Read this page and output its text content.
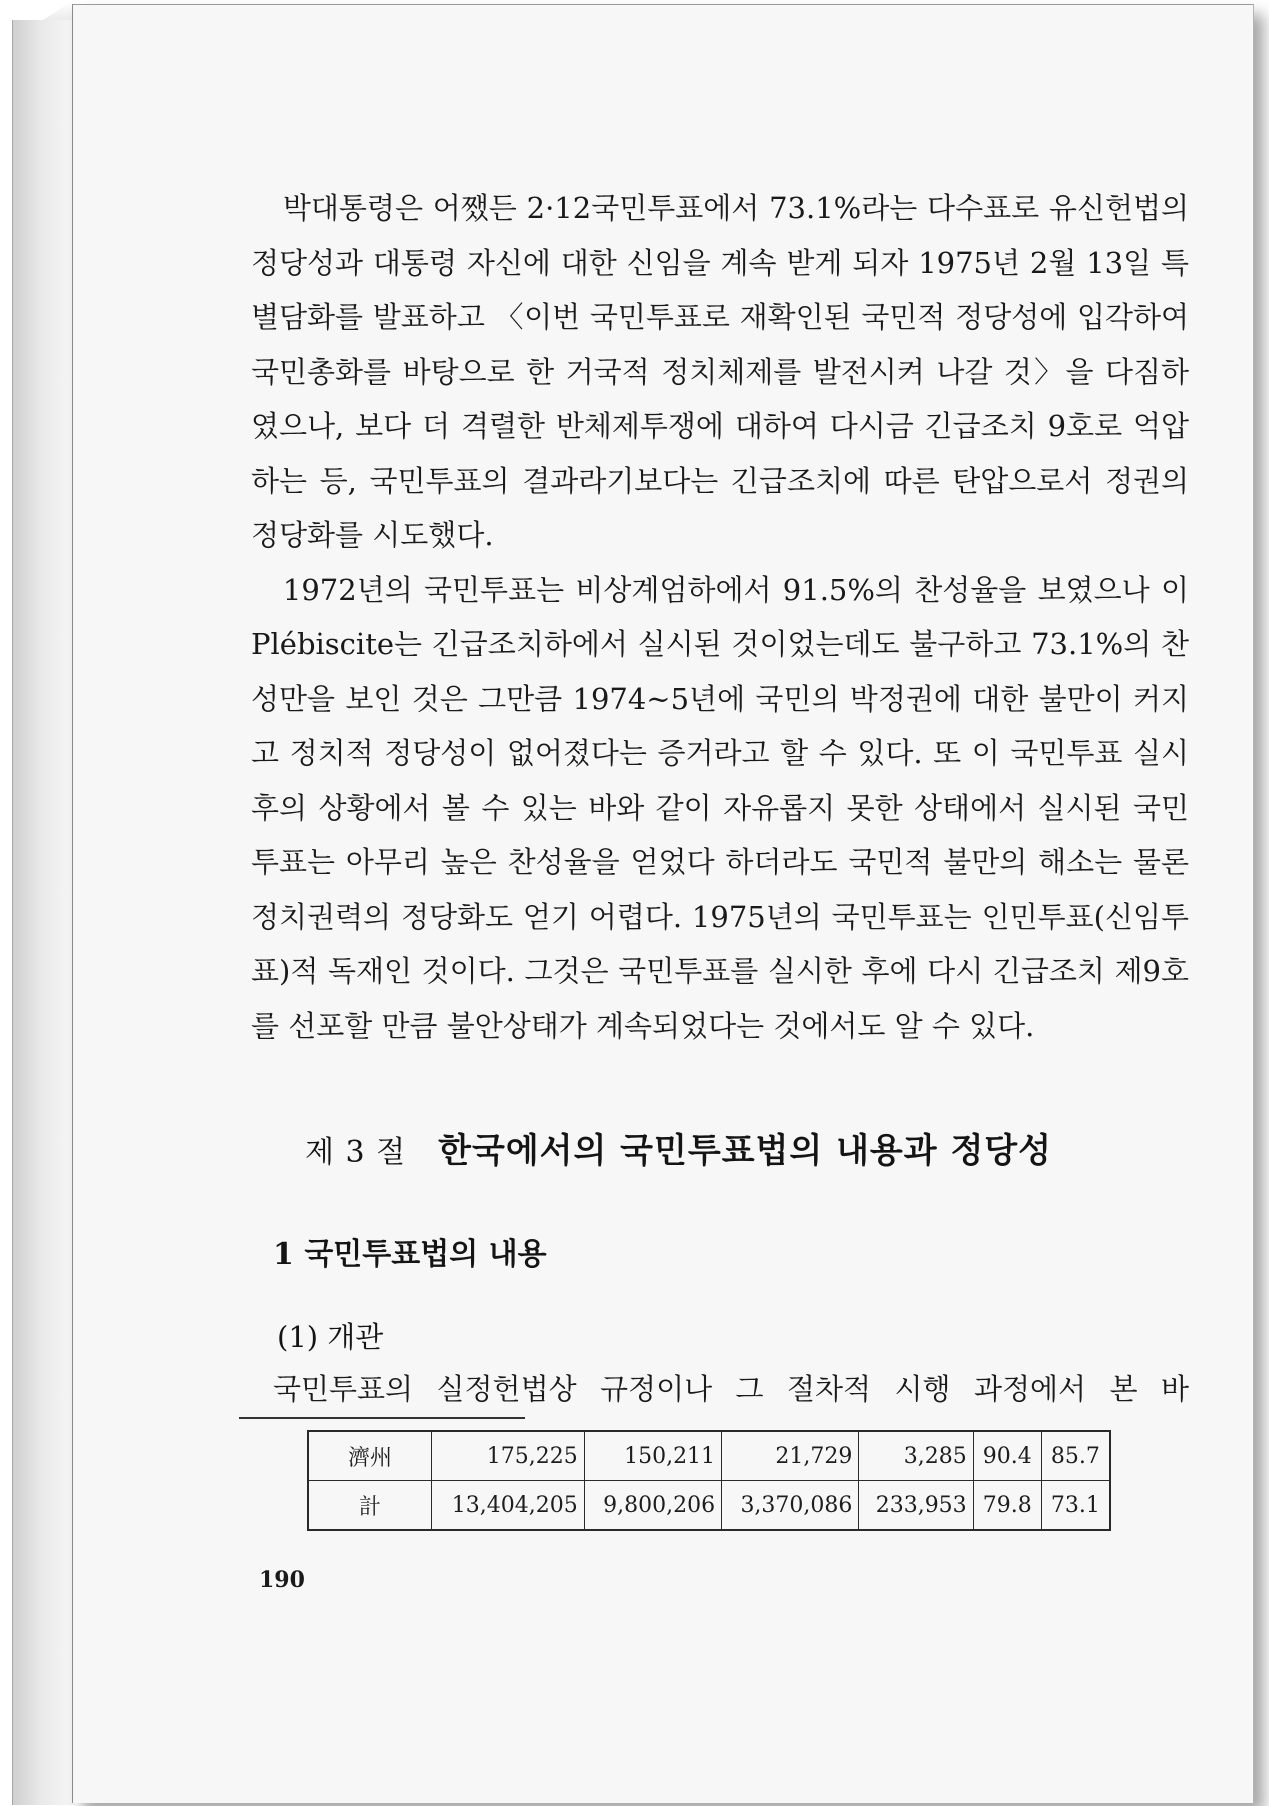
박대통령은 어쨌든 2·12국민투표에서 73.1%라는 다수표로 유신헌법의 정당성과 대통령 자신에 대한 신임을 계속 받게 되자 1975년 2월 13일 특별담화를 발표하고 〈이번 국민투표로 재확인된 국민적 정당성에 입각하여 국민총화를 바탕으로 한 거국적 정치체제를 발전시켜 나갈 것〉을 다짐하였으나, 보다 더 격렬한 반체제투쟁에 대하여 다시금 긴급조치 9호로 억압하는 등, 국민투표의 결과라기보다는 긴급조치에 따른 탄압으로서 정권의 정당화를 시도했다.

1972년의 국민투표는 비상계엄하에서 91.5%의 찬성율을 보였으나 이 Plébiscite는 긴급조치하에서 실시된 것이었는데도 불구하고 73.1%의 찬성만을 보인 것은 그만큼 1974~5년에 국민의 박정권에 대한 불만이 커지고 정치적 정당성이 없어졌다는 증거라고 할 수 있다. 또 이 국민투표 실시 후의 상황에서 볼 수 있는 바와 같이 자유롭지 못한 상태에서 실시된 국민투표는 아무리 높은 찬성율을 얻었다 하더라도 국민적 불만의 해소는 물론 정치권력의 정당화도 얻기 어렵다. 1975년의 국민투표는 인민투표(신임투표)적 독재인 것이다. 그것은 국민투표를 실시한 후에 다시 긴급조치 제9호를 선포할 만큼 불안상태가 계속되었다는 것에서도 알 수 있다.

제 3 절 한국에서의 국민투표법의 내용과 정당성
1 국민투표법의 내용
(1) 개관
국민투표의 실정헌법상 규정이나 그 절차적 시행 과정에서 본 바
濟州	175,225	150,211	21,729	3,285	90.4	85.7
計	13,404,205	9,800,206	3,370,086	233,953	79.8	73.1
190
